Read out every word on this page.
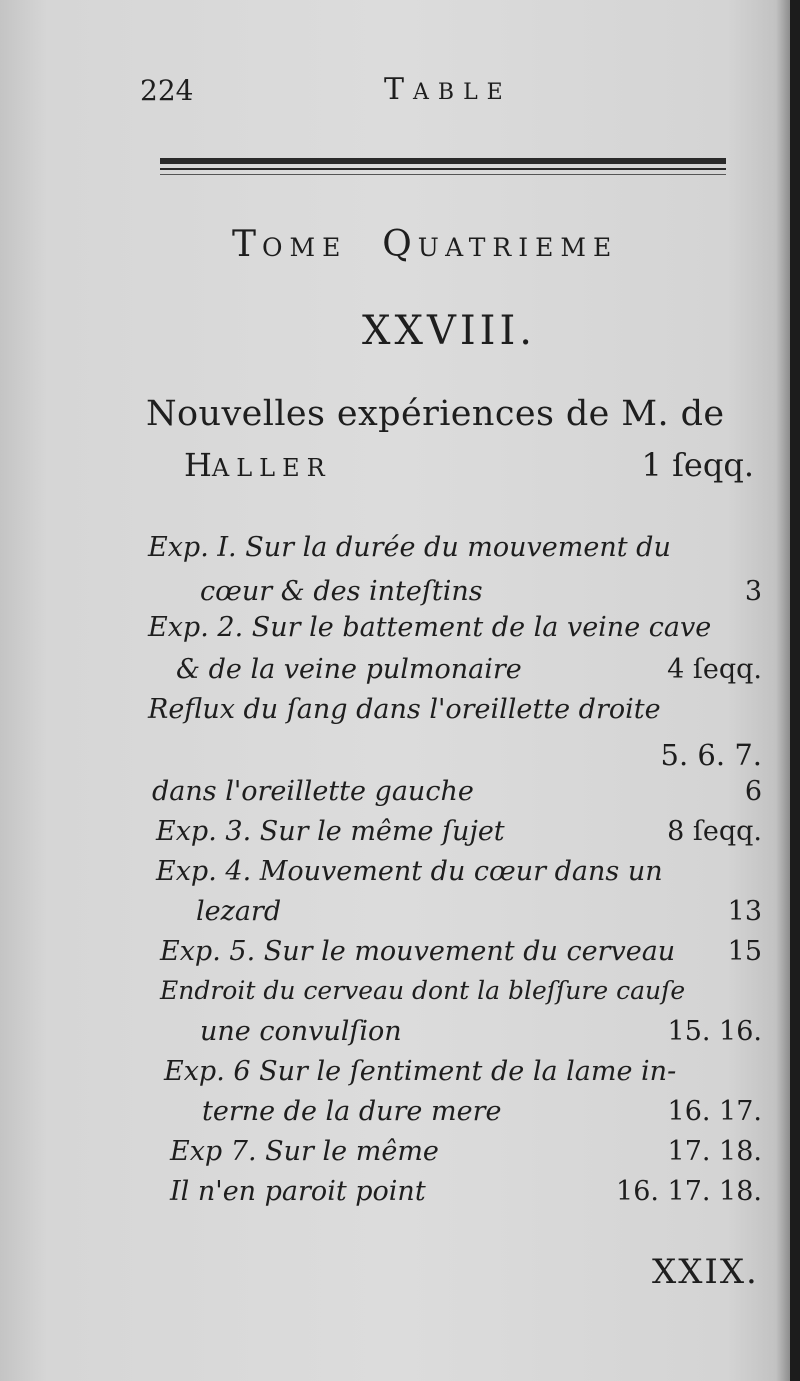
224	TABLE
TOME QUATRIEME
XXVIII.
Nouvelles expériences de M. de
HALLER	1 ſeqq.
Exp. I. Sur la durée du mouvement du
cœur & des inteſtins	3
Exp. 2. Sur le battement de la veine cave
& de la veine pulmonaire	4 ſeqq.
Reflux du ſang dans l'oreillette droite
5. 6. 7.
dans l'oreillette gauche	6
Exp. 3. Sur le même ſujet	8 ſeqq.
Exp. 4. Mouvement du cœur dans un
lezard	13
Exp. 5. Sur le mouvement du cerveau 15
Endroit du cerveau dont la bleſſure cauſe
une convulſion	15. 16.
Exp. 6 Sur le ſentiment de la lame in-
terne de la dure mere	16. 17.
Exp 7. Sur le même	17. 18.
Il n'en paroit point	16. 17. 18.
XXIX.
